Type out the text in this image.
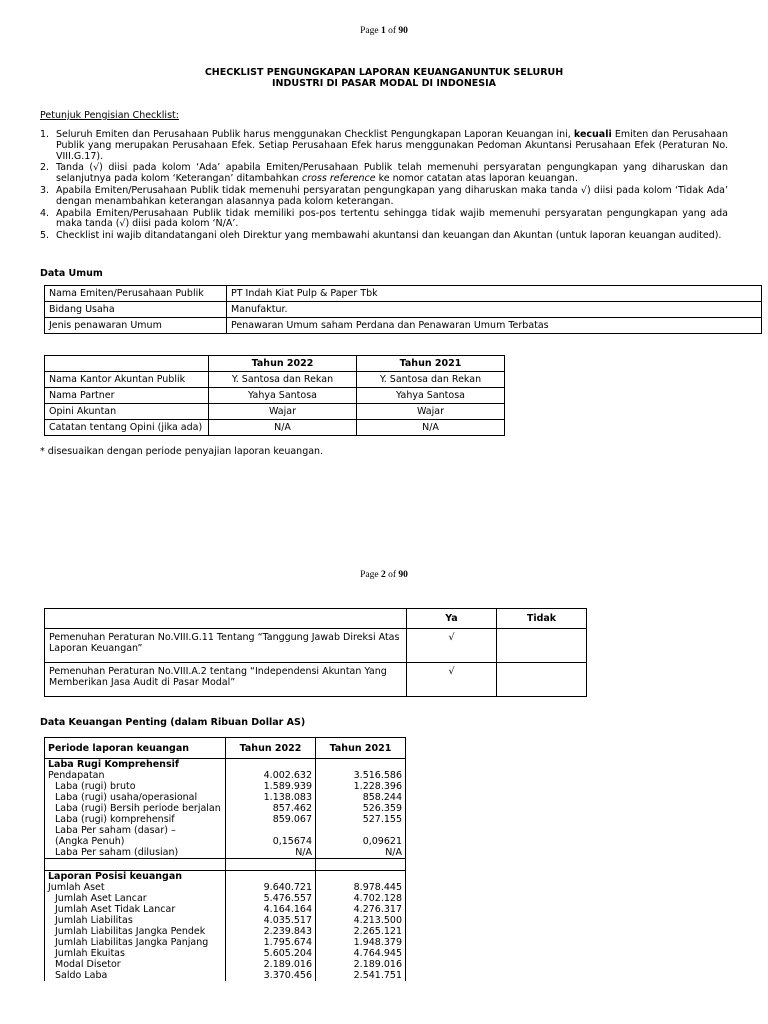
Page 1 of 90
CHECKLIST PENGUNGKAPAN LAPORAN KEUANGANUNTUK SELURUH
INDUSTRI DI PASAR MODAL DI INDONESIA
Petunjuk Pengisian Checklist:
1. Seluruh Emiten dan Perusahaan Publik harus menggunakan Checklist Pengungkapan Laporan Keuangan ini, kecuali Emiten dan Perusahaan Publik yang merupakan Perusahaan Efek. Setiap Perusahaan Efek harus menggunakan Pedoman Akuntansi Perusahaan Efek (Peraturan No. VIII.G.17).
2. Tanda (√) diisi pada kolom ‘Ada’ apabila Emiten/Perusahaan Publik telah memenuhi persyaratan pengungkapan yang diharuskan dan selanjutnya pada kolom ‘Keterangan’ ditambahkan cross reference ke nomor catatan atas laporan keuangan.
3. Apabila Emiten/Perusahaan Publik tidak memenuhi persyaratan pengungkapan yang diharuskan maka tanda √) diisi pada kolom ‘Tidak Ada’ dengan menambahkan keterangan alasannya pada kolom keterangan.
4. Apabila Emiten/Perusahaan Publik tidak memiliki pos-pos tertentu sehingga tidak wajib memenuhi persyaratan pengungkapan yang ada maka tanda (√) diisi pada kolom ‘N/A’.
5. Checklist ini wajib ditandatangani oleh Direktur yang membawahi akuntansi dan keuangan dan Akuntan (untuk laporan keuangan audited).
Data Umum
Nama Emiten/Perusahaan Publik	PT Indah Kiat Pulp & Paper Tbk
Bidang Usaha	Manufaktur.
Jenis penawaran Umum	Penawaran Umum saham Perdana dan Penawaran Umum Terbatas
	Tahun 2022	Tahun 2021
Nama Kantor Akuntan Publik	Y. Santosa dan Rekan	Y. Santosa dan Rekan
Nama Partner	Yahya Santosa	Yahya Santosa
Opini Akuntan	Wajar	Wajar
Catatan tentang Opini (jika ada)	N/A	N/A
* disesuaikan dengan periode penyajian laporan keuangan.
Page 2 of 90
	Ya	Tidak
Pemenuhan Peraturan No.VIII.G.11 Tentang “Tanggung Jawab Direksi Atas Laporan Keuangan”	√	
Pemenuhan Peraturan No.VIII.A.2 tentang “Independensi Akuntan Yang Memberikan Jasa Audit di Pasar Modal”	√	
Data Keuangan Penting (dalam Ribuan Dollar AS)
Periode laporan keuangan	Tahun 2022	Tahun 2021
Laba Rugi Komprehensif		
Pendapatan	4.002.632	3.516.586
Laba (rugi) bruto	1.589.939	1.228.396
Laba (rugi) usaha/operasional	1.138.083	858.244
Laba (rugi) Bersih periode berjalan	857.462	526.359
Laba (rugi) komprehensif	859.067	527.155
Laba Per saham (dasar) –		
(Angka Penuh)	0,15674	0,09621
Laba Per saham (dilusian)	N/A	N/A

Laporan Posisi keuangan		
Jumlah Aset	9.640.721	8.978.445
Jumlah Aset Lancar	5.476.557	4.702.128
Jumlah Aset Tidak Lancar	4.164.164	4.276.317
Jumlah Liabilitas	4.035.517	4.213.500
Jumlah Liabilitas Jangka Pendek	2.239.843	2.265.121
Jumlah Liabilitas Jangka Panjang	1.795.674	1.948.379
Jumlah Ekuitas	5.605.204	4.764.945
Modal Disetor	2.189.016	2.189.016
Saldo Laba	3.370.456	2.541.751
